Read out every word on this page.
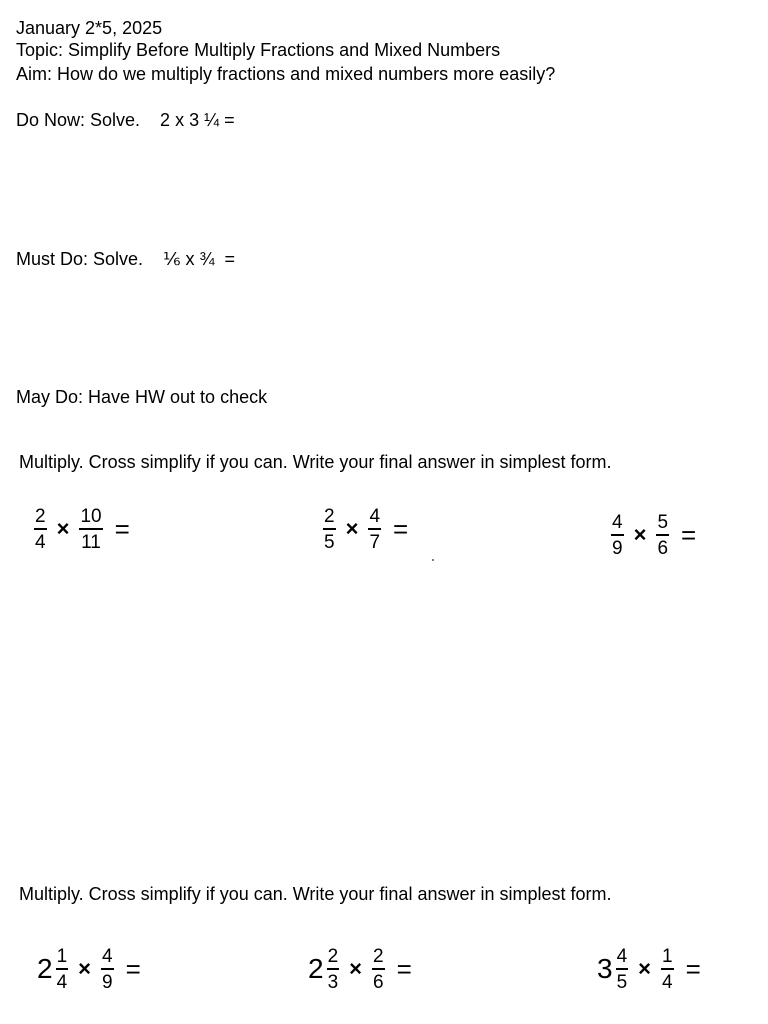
January 2*5, 2025

Topic: Simplify Before Multiply Fractions and Mixed Numbers

Aim: How do we multiply fractions and mixed numbers more easily?

Do Now: Solve.    2 x 3 ¼ =

Must Do: Solve.    ⅙ x ¾  =

May Do: Have HW out to check

Multiply. Cross simplify if you can. Write your final answer in simplest form.

$\frac{2}{4} \times \frac{10}{11}$ =	$\frac{2}{5} \times \frac{4}{7}$ =	$\frac{4}{9} \times \frac{5}{6}$ =

Multiply. Cross simplify if you can. Write your final answer in simplest form.

$2 \frac{1}{4} \times \frac{4}{9}$ =	$2 \frac{2}{3} \times \frac{2}{6}$ =	$3 \frac{4}{5} \times \frac{1}{4}$ =
